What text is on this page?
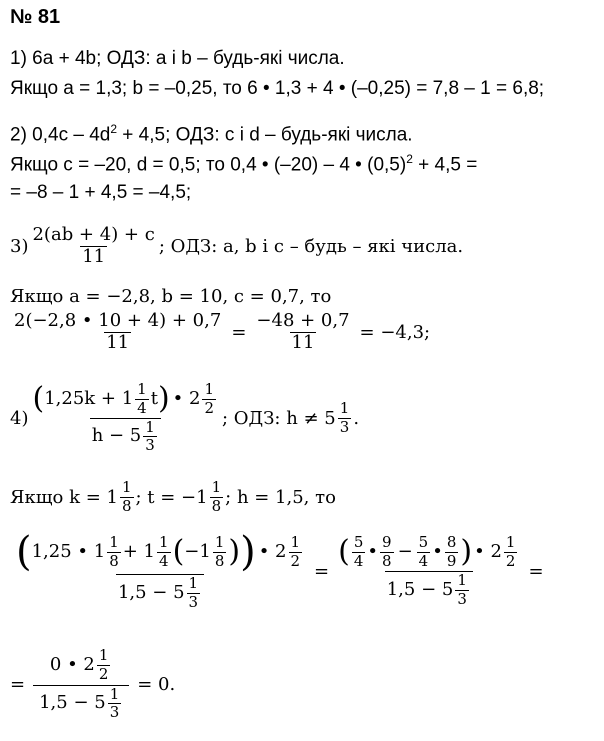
№ 81
1) 6a + 4b; ОДЗ: a і b – будь-які числа.
Якщо a = 1,3; b = –0,25, то 6 • 1,3 + 4 • (–0,25) = 7,8 – 1 = 6,8;
2) $0,4c - 4d^2 + 4,5$; ОДЗ: c і d – будь-які числа.
Якщо c = –20, d = 0,5; то 0,4 • (–20) – 4 • $(0,5)^2 + 4,5$ =
= –8 – 1 + 4,5 = –4,5;
$3) \frac{2(ab + 4) + c}{11}$ ; ОДЗ: a, b і c – будь – які числа.
Якщо a = −2,8, b = 10, c = 0,7, то
$\frac{2(-2,8 • 10 + 4) + 0,7}{11} = \frac{-48 + 0,7}{11} = -4,3$;
4)
( $1,25k + 1 \frac{1}{4}$ t ) • $2 \frac{1}{2}$
$h - 5 \frac{1}{3}$
; ОДЗ: $h \ne 5 \frac{1}{3}$ .
Якщо $k = 1 \frac{1}{8}$ ; $t = -1 \frac{1}{8}$ ; h = 1,5, то
( 1,25 • $1 \frac{1}{8} + 1 \frac{1}{4}$ ( $-1 \frac{1}{8}$ ) ) • $2 \frac{1}{2}$
$1,5 - 5 \frac{1}{3}$
=
( $\frac{5}{4}$ • $\frac{9}{8} - \frac{5}{4}$ • $\frac{8}{9}$ ) • $2 \frac{1}{2}$
$1,5 - 5 \frac{1}{3}$
=
= $\frac{0 • 2 \frac{1}{2}}{1,5 - 5 \frac{1}{3}} = 0$.
